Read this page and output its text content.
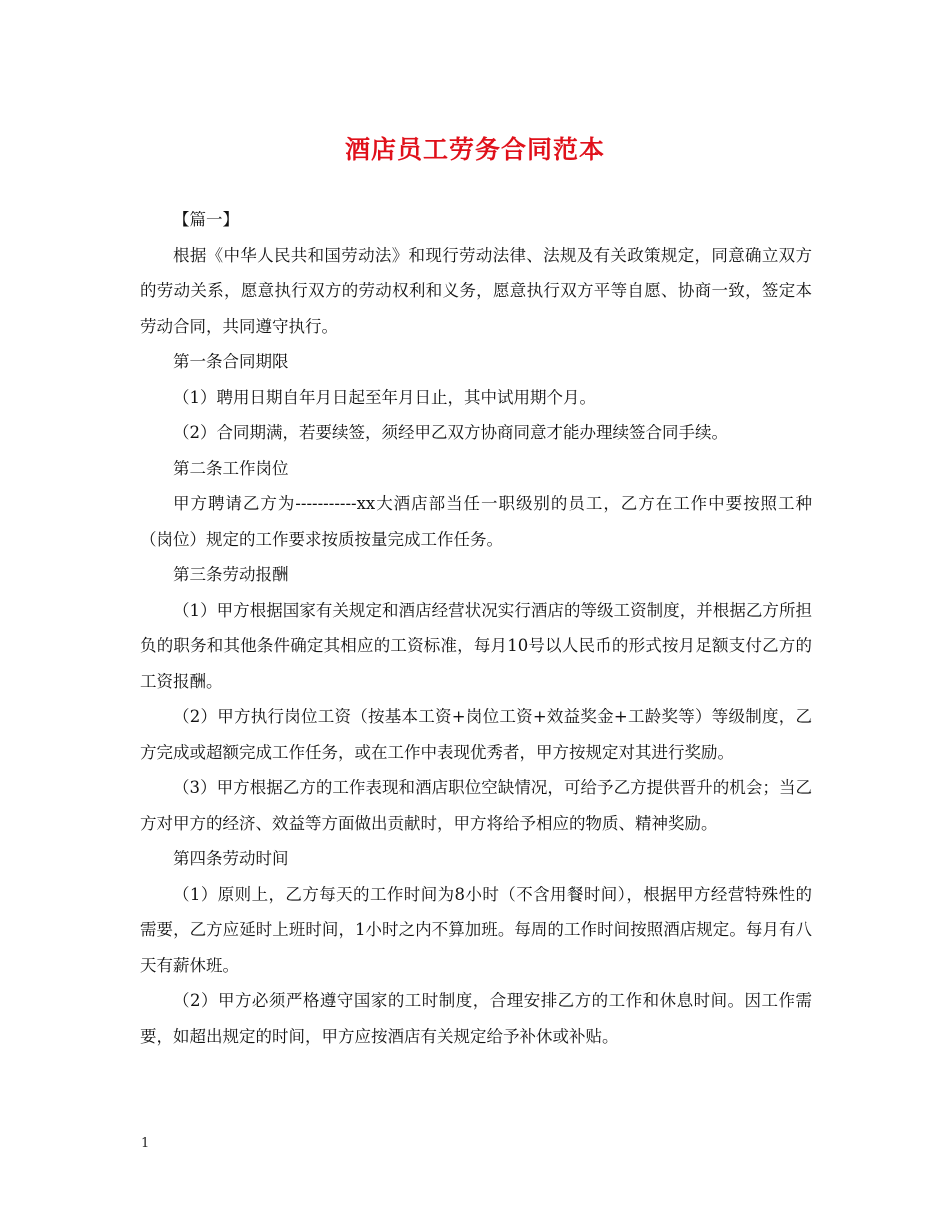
酒店员工劳务合同范本

【篇一】

根据《中华人民共和国劳动法》和现行劳动法律、法规及有关政策规定，同意确立双方的劳动关系，愿意执行双方的劳动权利和义务，愿意执行双方平等自愿、协商一致，签定本劳动合同，共同遵守执行。

第一条合同期限

（1）聘用日期自年月日起至年月日止，其中试用期个月。

（2）合同期满，若要续签，须经甲乙双方协商同意才能办理续签合同手续。

第二条工作岗位

甲方聘请乙方为-----------xx大酒店部当任一职级别的员工，乙方在工作中要按照工种（岗位）规定的工作要求按质按量完成工作任务。

第三条劳动报酬

（1）甲方根据国家有关规定和酒店经营状况实行酒店的等级工资制度，并根据乙方所担负的职务和其他条件确定其相应的工资标准，每月10号以人民币的形式按月足额支付乙方的工资报酬。

（2）甲方执行岗位工资（按基本工资+岗位工资+效益奖金+工龄奖等）等级制度，乙方完成或超额完成工作任务，或在工作中表现优秀者，甲方按规定对其进行奖励。

（3）甲方根据乙方的工作表现和酒店职位空缺情况，可给予乙方提供晋升的机会；当乙方对甲方的经济、效益等方面做出贡献时，甲方将给予相应的物质、精神奖励。

第四条劳动时间

（1）原则上，乙方每天的工作时间为8小时（不含用餐时间），根据甲方经营特殊性的需要，乙方应延时上班时间，1小时之内不算加班。每周的工作时间按照酒店规定。每月有八天有薪休班。

（2）甲方必须严格遵守国家的工时制度，合理安排乙方的工作和休息时间。因工作需要，如超出规定的时间，甲方应按酒店有关规定给予补休或补贴。

1
